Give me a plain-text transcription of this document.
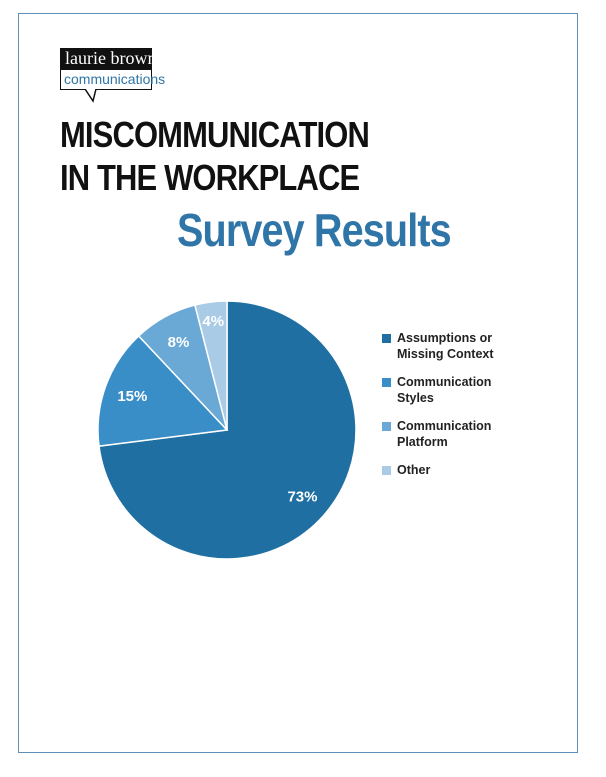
laurie brown
communications
MISCOMMUNICATION
IN THE WORKPLACE
Survey Results
73%
15%
8%
4%
Assumptions or
Missing Context
Communication
Styles
Communication
Platform
Other
